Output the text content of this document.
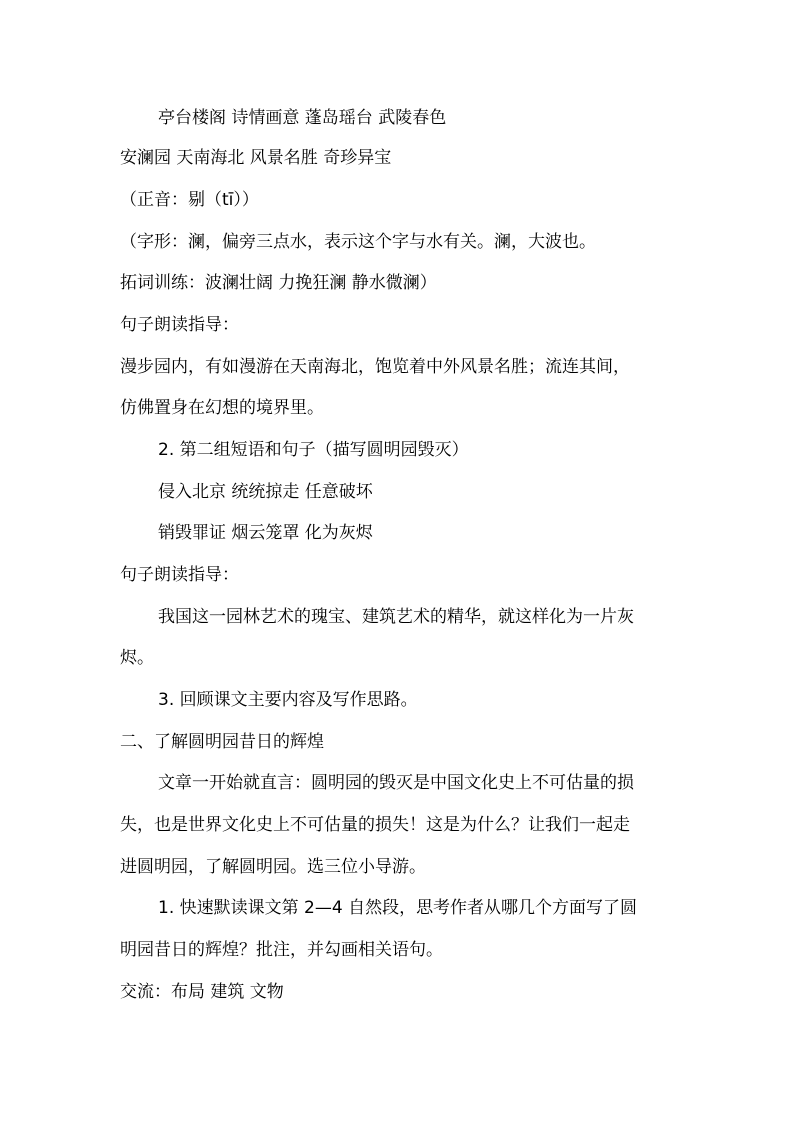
亭台楼阁 诗情画意 蓬岛瑶台 武陵春色
安澜园 天南海北 风景名胜 奇珍异宝
（正音：剔（tī））
（字形：澜，偏旁三点水，表示这个字与水有关。澜，大波也。
拓词训练：波澜壮阔 力挽狂澜 静水微澜）
句子朗读指导：
漫步园内，有如漫游在天南海北，饱览着中外风景名胜；流连其间，
仿佛置身在幻想的境界里。
2. 第二组短语和句子（描写圆明园毁灭）
侵入北京 统统掠走 任意破坏
销毁罪证 烟云笼罩 化为灰烬
句子朗读指导：
我国这一园林艺术的瑰宝、建筑艺术的精华，就这样化为一片灰
烬。
3. 回顾课文主要内容及写作思路。
二、了解圆明园昔日的辉煌
文章一开始就直言：圆明园的毁灭是中国文化史上不可估量的损
失，也是世界文化史上不可估量的损失！这是为什么？让我们一起走
进圆明园，了解圆明园。选三位小导游。
1. 快速默读课文第 2—4 自然段，思考作者从哪几个方面写了圆
明园昔日的辉煌？批注，并勾画相关语句。
交流：布局 建筑 文物
